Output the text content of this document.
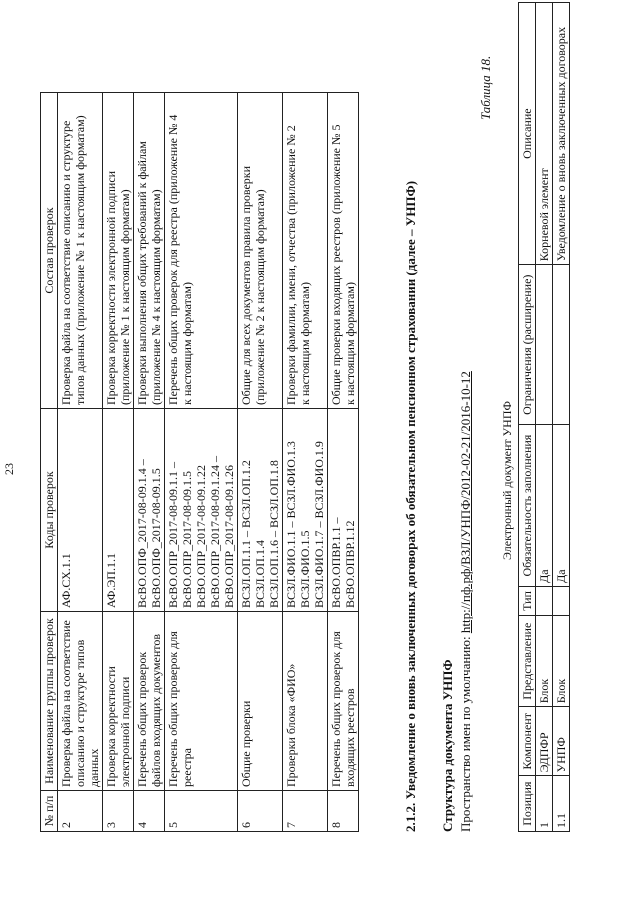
23
№ п/п	Наименование группы проверок	Коды проверок	Состав проверок
2	Проверка файла на соответствие описанию и структуре типов данных	АФ.СХ.1.1	Проверка файла на соответствие описанию и структуре типов данных (приложение № 1 к настоящим форматам)

3	Проверка корректности электронной подписи	АФ.ЭП.1.1	Проверка корректности электронной подписи (приложение № 1 к настоящим форматам)

4	Перечень общих проверок файлов входящих документов	ВсВО.ОПФ_2017-08-09.1.4 – ВсВО.ОПФ_2017-08-09.1.5	Проверки выполнения общих требований к файлам (приложение № 4 к настоящим форматам)

5	Перечень общих проверок для реестра	ВсВО.ОПР_2017-08-09.1.1 – ВсВО.ОПР_2017-08-09.1.5 ВсВО.ОПР_2017-08-09.1.22 ВсВО.ОПР_2017-08-09.1.24 – ВсВО.ОПР_2017-08-09.1.26	Перечень общих проверок для реестра (приложение № 4 к настоящим форматам)

6	Общие проверки	ВСЗЛ.ОП.1.1 – ВСЗЛ.ОП.1.2 ВСЗЛ.ОП.1.4 ВСЗЛ.ОП.1.6 – ВСЗЛ.ОП.1.8	Общие для всех документов правила проверки (приложение № 2 к настоящим форматам)

7	Проверки блока «ФИО»	ВСЗЛ.ФИО.1.1 – ВСЗЛ.ФИО.1.3 ВСЗЛ.ФИО.1.5 ВСЗЛ.ФИО.1.7 – ВСЗЛ.ФИО.1.9	Проверки фамилии, имени, отчества (приложение № 2 к настоящим форматам)

8	Перечень общих проверок для входящих реестров	ВсВО.ОПВР.1.1 – ВсВО.ОПВР.1.12	Общие проверки входящих реестров (приложение № 5 к настоящим форматам)	2.1.2. Уведомление о вновь заключенных договорах об обязательном пенсионном страховании (далее – УНПФ) Структура документа УНПФ Пространство имен по умолчанию: http://пф.рф/ВЗЛ/УНПФ/2012-02-21/2016-10-12
Таблица 18.
Электронный документ УНПФ
Позиция	Компонент	Представление	Тип	Обязательность заполнения	Ограничения (расширение)	Описание
1	ЭДПФР	Блок		Да		Корневой элемент
1.1	УНПФ	Блок		Да		Уведомление о вновь заключенных договорах
